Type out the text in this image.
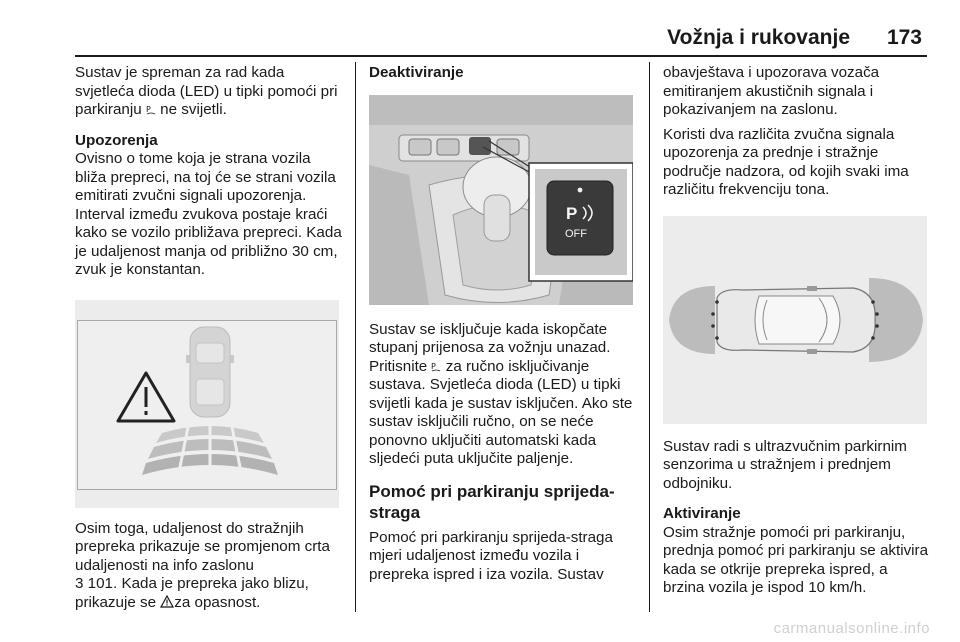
Vožnja i rukovanje 173

Sustav je spreman za rad kada svjetleća dioda (LED) u tipki pomoći pri parkiranju P ne svijetli.

Upozorenja

Ovisno o tome koja je strana vozila bliža prepreci, na toj će se strani vozila emitirati zvučni signali upozorenja. Interval između zvukova postaje kraći kako se vozilo približava prepreci. Kada je udaljenost manja od približno 30 cm, zvuk je konstantan.

Osim toga, udaljenost do stražnjih prepreka prikazuje se promjenom crta udaljenosti na info zaslonu
3 101. Kada je prepreka jako blizu, prikazuje se za opasnost.

Deaktiviranje
P
OFF

Sustav se isključuje kada iskopčate stupanj prijenosa za vožnju unazad. Pritisnite P za ručno isključivanje sustava. Svjetleća dioda (LED) u tipki svijetli kada je sustav isključen. Ako ste sustav isključili ručno, on se neće ponovno uključiti automatski kada sljedeći puta uključite paljenje.

Pomoć pri parkiranju sprijeda-straga

Pomoć pri parkiranju sprijeda-straga mjeri udaljenost između vozila i prepreka ispred i iza vozila. Sustav

obavještava i upozorava vozača emitiranjem akustičnih signala i pokazivanjem na zaslonu.

Koristi dva različita zvučna signala upozorenja za prednje i stražnje područje nadzora, od kojih svaki ima različitu frekvenciju tona.

Sustav radi s ultrazvučnim parkirnim senzorima u stražnjem i prednjem odbojniku.

Aktiviranje

Osim stražnje pomoći pri parkiranju, prednja pomoć pri parkiranju se aktivira kada se otkrije prepreka ispred, a brzina vozila je ispod 10 km/h.

carmanualsonline.info
